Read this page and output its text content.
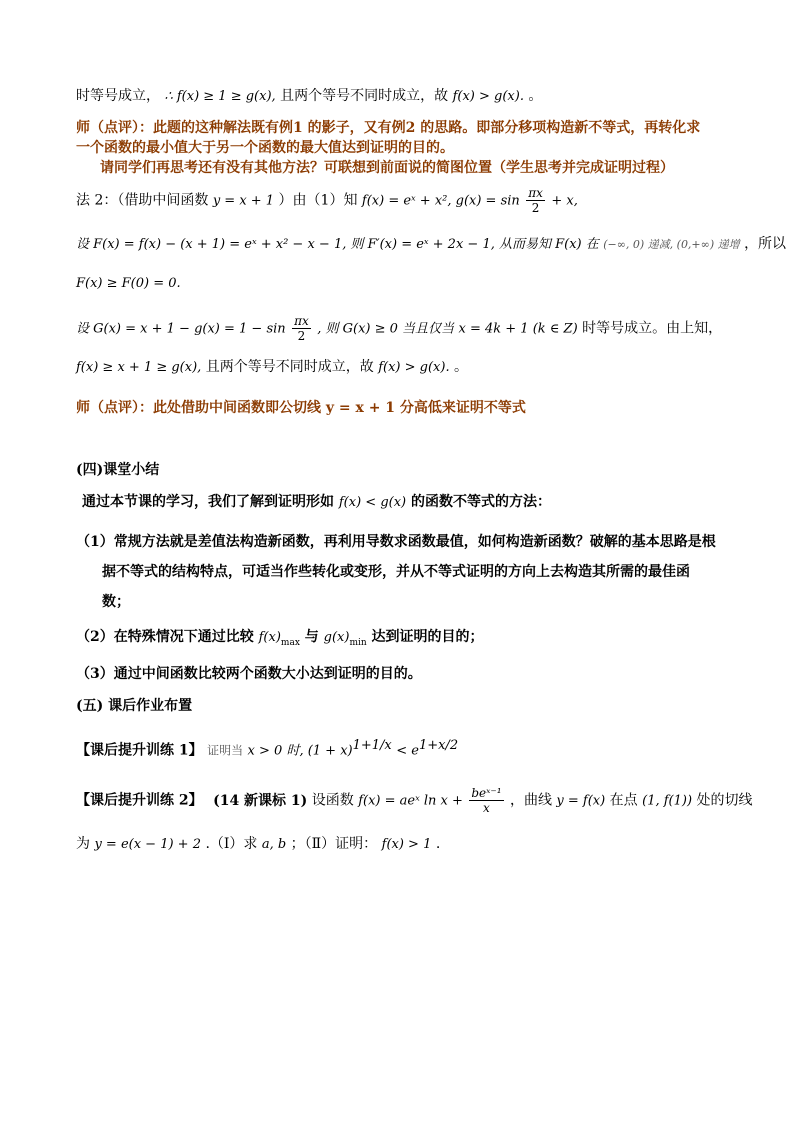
时等号成立， ∴ f(x) ≥ 1 ≥ g(x), 且两个等号不同时成立，故 f(x) > g(x). 。
师（点评）：此题的这种解法既有例1 的影子，又有例2 的思路。即部分移项构造新不等式，再转化求
一个函数的最小值大于另一个函数的最大值达到证明的目的。
请同学们再思考还有没有其他方法？可联想到前面说的简图位置（学生思考并完成证明过程）
法 2：（借助中间函数 y = x + 1 ）由（1）知 f(x) = eˣ + x², $g(x) = \sin \frac{\pi x}{2} + x$,
设 F(x) = f(x) − (x + 1) = eˣ + x² − x − 1, 则 F′(x) = eˣ + 2x − 1, 从而易知 F(x) 在 (−∞, 0) 递减, (0,+∞) 递增 ，所以
F(x) ≥ F(0) = 0.
设 $G(x) = x + 1 - g(x) = 1 - \sin \frac{\pi x}{2}$ , 则 G(x) ≥ 0 当且仅当 x = 4k + 1 (k ∈ Z) 时等号成立。由上知，
f(x) ≥ x + 1 ≥ g(x), 且两个等号不同时成立，故 f(x) > g(x). 。
师（点评）：此处借助中间函数即公切线 y = x + 1 分高低来证明不等式
(四)课堂小结
通过本节课的学习，我们了解到证明形如 f(x) < g(x) 的函数不等式的方法：
（1）常规方法就是差值法构造新函数，再利用导数求函数最值，如何构造新函数？破解的基本思路是根
据不等式的结构特点，可适当作些转化或变形，并从不等式证明的方向上去构造其所需的最佳函
数；
（2）在特殊情况下通过比较 $f(x)_{max}$ 与 $g(x)_{min}$ 达到证明的目的；
（3）通过中间函数比较两个函数大小达到证明的目的。
(五) 课后作业布置
【课后提升训练 1】 证明当 x > 0 时, $(1 + x)^{1+1/x} < e^{1+x/2}$
【课后提升训练 2】 (14 新课标 1) 设函数 f(x) = aeˣ $\ln x + \frac{\text{beˣ⁻¹}}{x}$ ，曲线 y = f(x) 在点 (1, f(1)) 处的切线
为 y = e(x − 1) + 2 .（Ⅰ）求 a, b ；（Ⅱ）证明： f(x) > 1 .
